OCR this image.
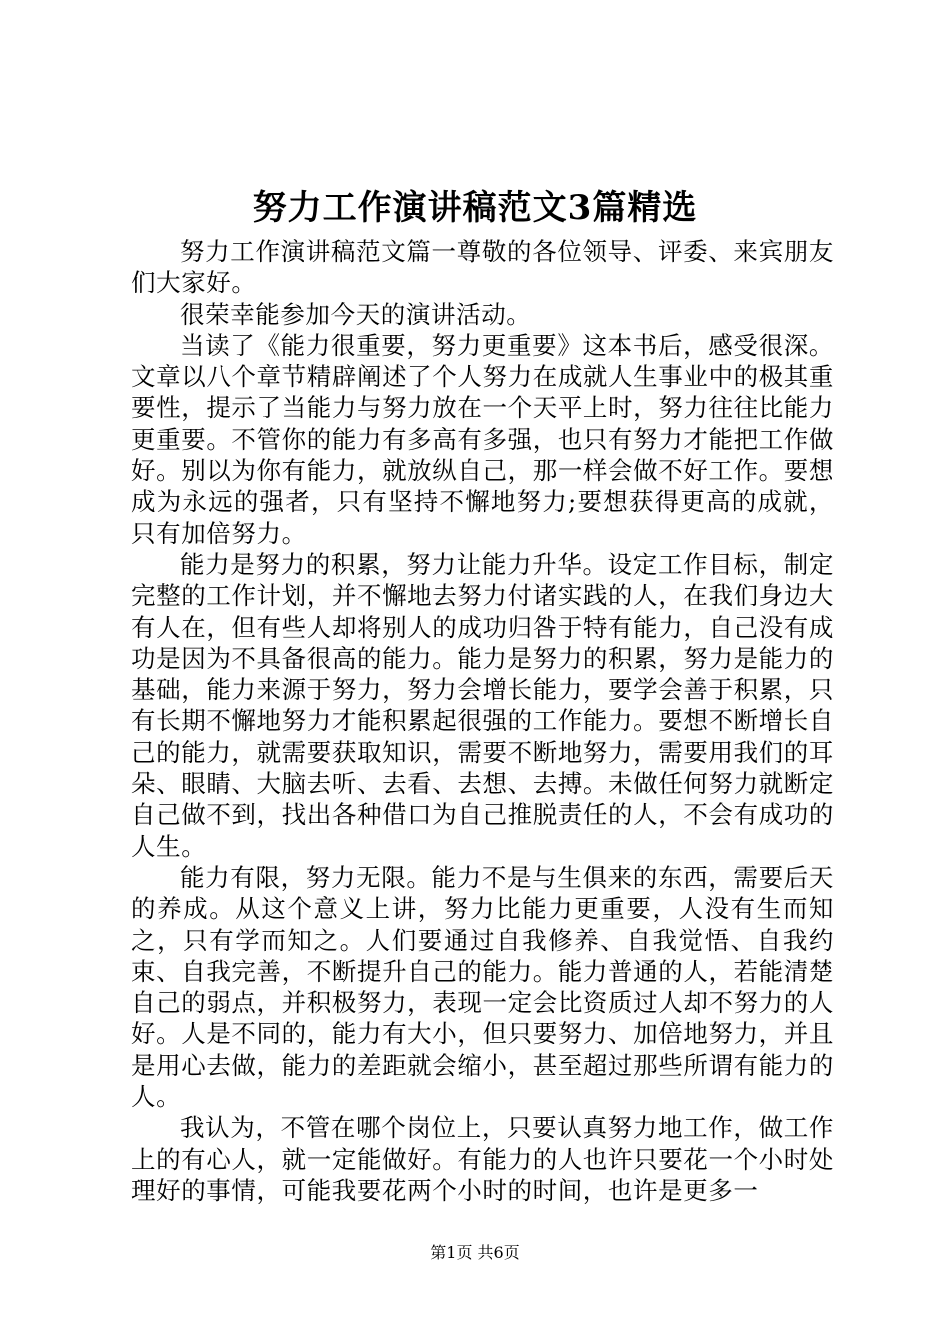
努力工作演讲稿范文3篇精选

努力工作演讲稿范文篇一尊敬的各位领导、评委、来宾朋友们大家好。

很荣幸能参加今天的演讲活动。

当读了《能力很重要，努力更重要》这本书后，感受很深。文章以八个章节精辟阐述了个人努力在成就人生事业中的极其重要性，提示了当能力与努力放在一个天平上时，努力往往比能力更重要。不管你的能力有多高有多强，也只有努力才能把工作做好。别以为你有能力，就放纵自己，那一样会做不好工作。要想成为永远的强者，只有坚持不懈地努力;要想获得更高的成就，只有加倍努力。

能力是努力的积累，努力让能力升华。设定工作目标，制定完整的工作计划，并不懈地去努力付诸实践的人，在我们身边大有人在，但有些人却将别人的成功归咎于特有能力，自己没有成功是因为不具备很高的能力。能力是努力的积累，努力是能力的基础，能力来源于努力，努力会增长能力，要学会善于积累，只有长期不懈地努力才能积累起很强的工作能力。要想不断增长自己的能力，就需要获取知识，需要不断地努力，需要用我们的耳朵、眼睛、大脑去听、去看、去想、去搏。未做任何努力就断定自己做不到，找出各种借口为自己推脱责任的人，不会有成功的人生。

能力有限，努力无限。能力不是与生俱来的东西，需要后天的养成。从这个意义上讲，努力比能力更重要，人没有生而知之，只有学而知之。人们要通过自我修养、自我觉悟、自我约束、自我完善，不断提升自己的能力。能力普通的人，若能清楚自己的弱点，并积极努力，表现一定会比资质过人却不努力的人好。人是不同的，能力有大小，但只要努力、加倍地努力，并且是用心去做，能力的差距就会缩小，甚至超过那些所谓有能力的人。

我认为，不管在哪个岗位上，只要认真努力地工作，做工作上的有心人，就一定能做好。有能力的人也许只要花一个小时处理好的事情，可能我要花两个小时的时间，也许是更多一

第1页 共6页
